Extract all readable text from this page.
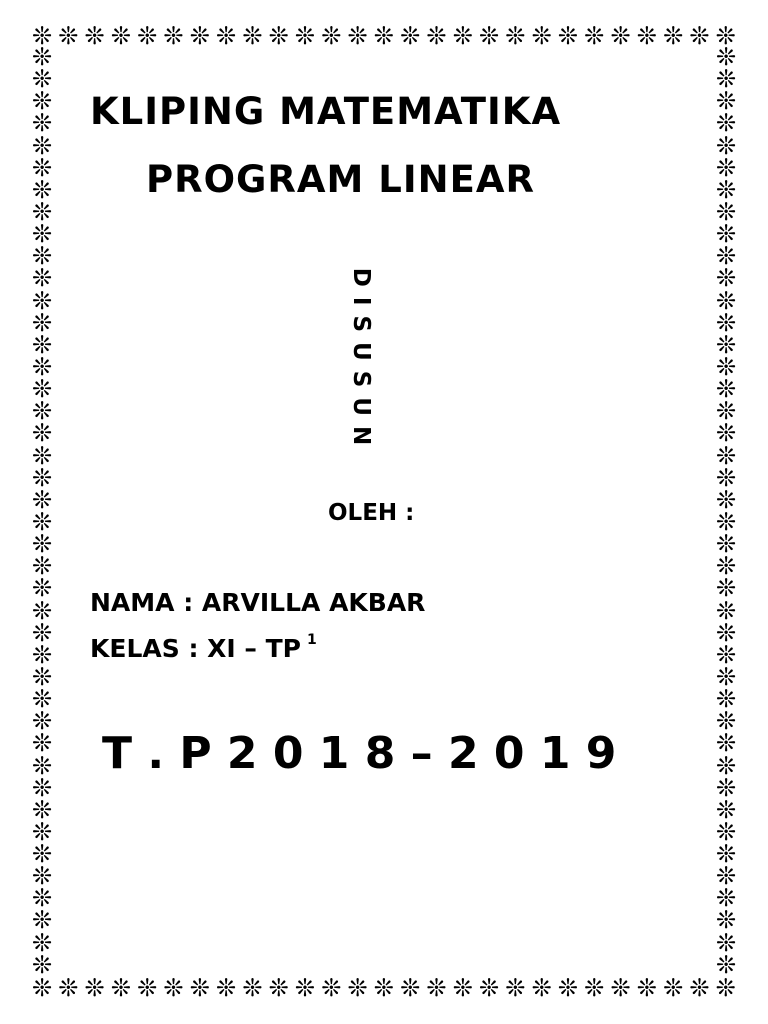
❊ ❊ ❊ ❊ ❊ ❊ ❊ ❊ ❊ ❊ ❊ ❊ ❊ ❊ ❊ ❊ ❊ ❊ ❊ ❊ ❊ ❊ ❊ ❊ ❊ ❊ ❊
❊ ❊ ❊ ❊ ❊ ❊ ❊ ❊ ❊ ❊ ❊ ❊ ❊ ❊ ❊ ❊ ❊ ❊ ❊ ❊ ❊ ❊ ❊ ❊ ❊ ❊ ❊
❊
❊
❊
❊
❊
❊
❊
❊
❊
❊
❊
❊
❊
❊
❊
❊
❊
❊
❊
❊
❊
❊
❊
❊
❊
❊
❊
❊
❊
❊
❊
❊
❊
❊
❊
❊
❊
❊
❊
❊
❊
❊
❊
❊
❊
❊
❊
❊
❊
❊
❊
❊
❊
❊
❊
❊
❊
❊
❊
❊
❊
❊
❊
❊
❊
❊
❊
❊
❊
❊
❊
❊
❊
❊
❊
❊
❊
❊
❊
❊
❊
❊
❊
❊
KLIPING MATEMATIKA
PROGRAM LINEAR
D I S U S U N
OLEH :
NAMA : ARVILLA AKBAR
KELAS : XI – TP $^1$
T . P 2 0 1 8 – 2 0 1 9
